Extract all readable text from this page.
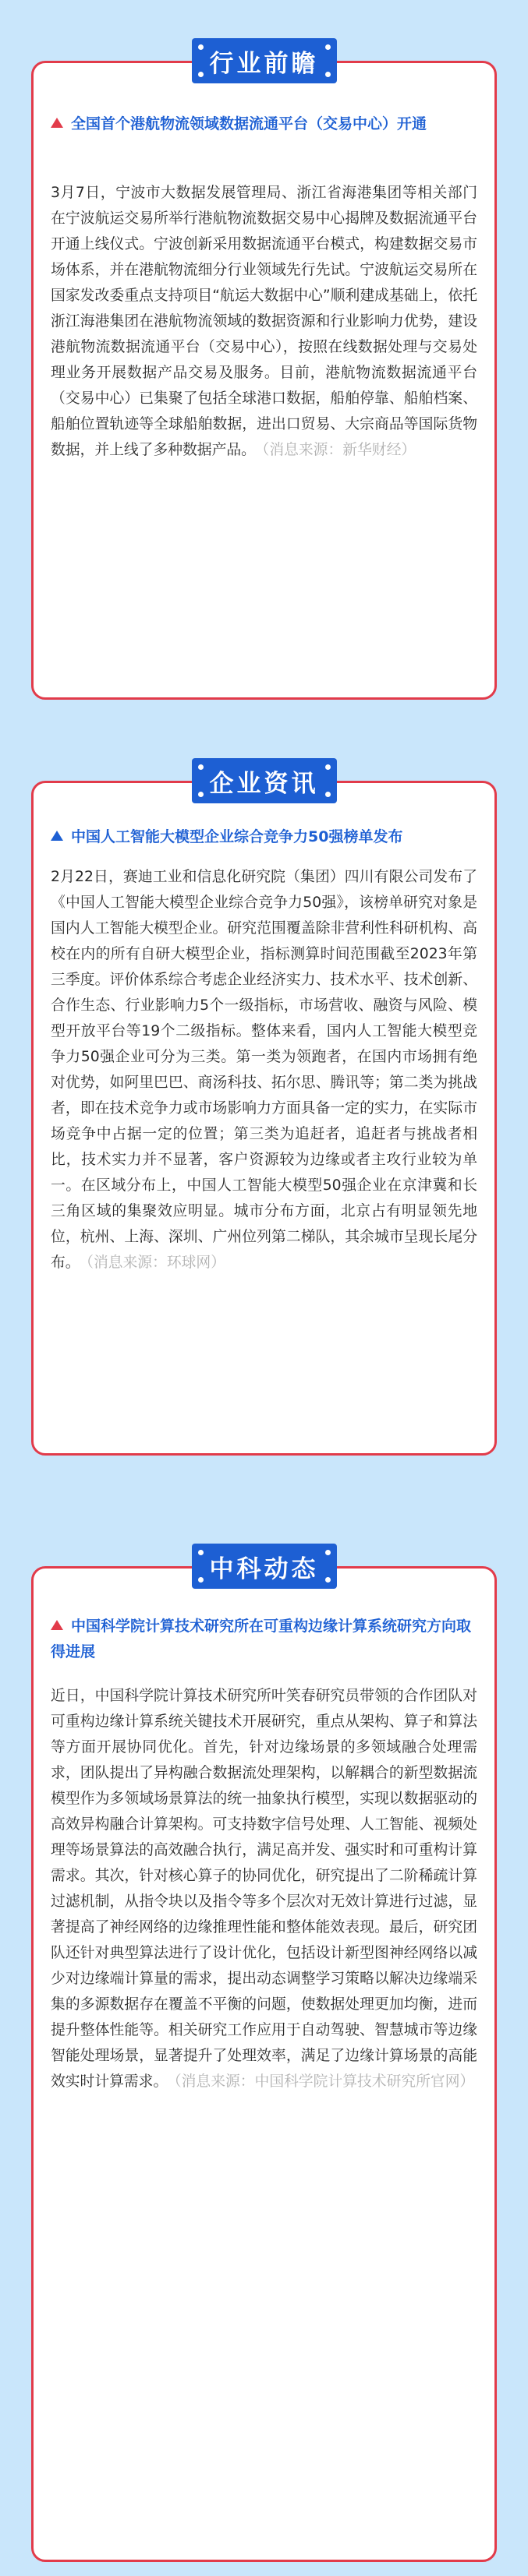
行业前瞻
全国首个港航物流领域数据流通平台（交易中心）开通
3月7日，宁波市大数据发展管理局、浙江省海港集团等相关部门在宁波航运交易所举行港航物流数据交易中心揭牌及数据流通平台开通上线仪式。宁波创新采用数据流通平台模式，构建数据交易市场体系，并在港航物流细分行业领域先行先试。宁波航运交易所在国家发改委重点支持项目“航运大数据中心”顺利建成基础上，依托浙江海港集团在港航物流领域的数据资源和行业影响力优势，建设港航物流数据流通平台（交易中心），按照在线数据处理与交易处理业务开展数据产品交易及服务。目前，港航物流数据流通平台（交易中心）已集聚了包括全球港口数据，船舶停靠、船舶档案、船舶位置轨迹等全球船舶数据，进出口贸易、大宗商品等国际货物数据，并上线了多种数据产品。 （消息来源：新华财经）
企业资讯
中国人工智能大模型企业综合竞争力50强榜单发布
2月22日，赛迪工业和信息化研究院（集团）四川有限公司发布了《中国人工智能大模型企业综合竞争力50强》，该榜单研究对象是国内人工智能大模型企业。研究范围覆盖除非营利性科研机构、高校在内的所有自研大模型企业，指标测算时间范围截至2023年第三季度。评价体系综合考虑企业经济实力、技术水平、技术创新、合作生态、行业影响力5个一级指标，市场营收、融资与风险、模型开放平台等19个二级指标。整体来看，国内人工智能大模型竞争力50强企业可分为三类。第一类为领跑者，在国内市场拥有绝对优势，如阿里巴巴、商汤科技、拓尔思、腾讯等；第二类为挑战者，即在技术竞争力或市场影响力方面具备一定的实力，在实际市场竞争中占据一定的位置；第三类为追赶者，追赶者与挑战者相比，技术实力并不显著，客户资源较为边缘或者主攻行业较为单一。在区域分布上，中国人工智能大模型50强企业在京津冀和长三角区域的集聚效应明显。城市分布方面，北京占有明显领先地位，杭州、上海、深圳、广州位列第二梯队，其余城市呈现长尾分布。 （消息来源：环球网）
中科动态
中国科学院计算技术研究所在可重构边缘计算系统研究方向取得进展
近日，中国科学院计算技术研究所叶笑春研究员带领的合作团队对可重构边缘计算系统关键技术开展研究，重点从架构、算子和算法等方面开展协同优化。首先，针对边缘场景的多领域融合处理需求，团队提出了异构融合数据流处理架构，以解耦合的新型数据流模型作为多领域场景算法的统一抽象执行模型，实现以数据驱动的高效异构融合计算架构。可支持数字信号处理、人工智能、视频处理等场景算法的高效融合执行，满足高并发、强实时和可重构计算需求。其次，针对核心算子的协同优化，研究提出了二阶稀疏计算过滤机制，从指令块以及指令等多个层次对无效计算进行过滤，显著提高了神经网络的边缘推理性能和整体能效表现。最后，研究团队还针对典型算法进行了设计优化，包括设计新型图神经网络以减少对边缘端计算量的需求，提出动态调整学习策略以解决边缘端采集的多源数据存在覆盖不平衡的问题，使数据处理更加均衡，进而提升整体性能等。相关研究工作应用于自动驾驶、智慧城市等边缘智能处理场景，显著提升了处理效率，满足了边缘计算场景的高能效实时计算需求。 （消息来源：中国科学院计算技术研究所官网）
